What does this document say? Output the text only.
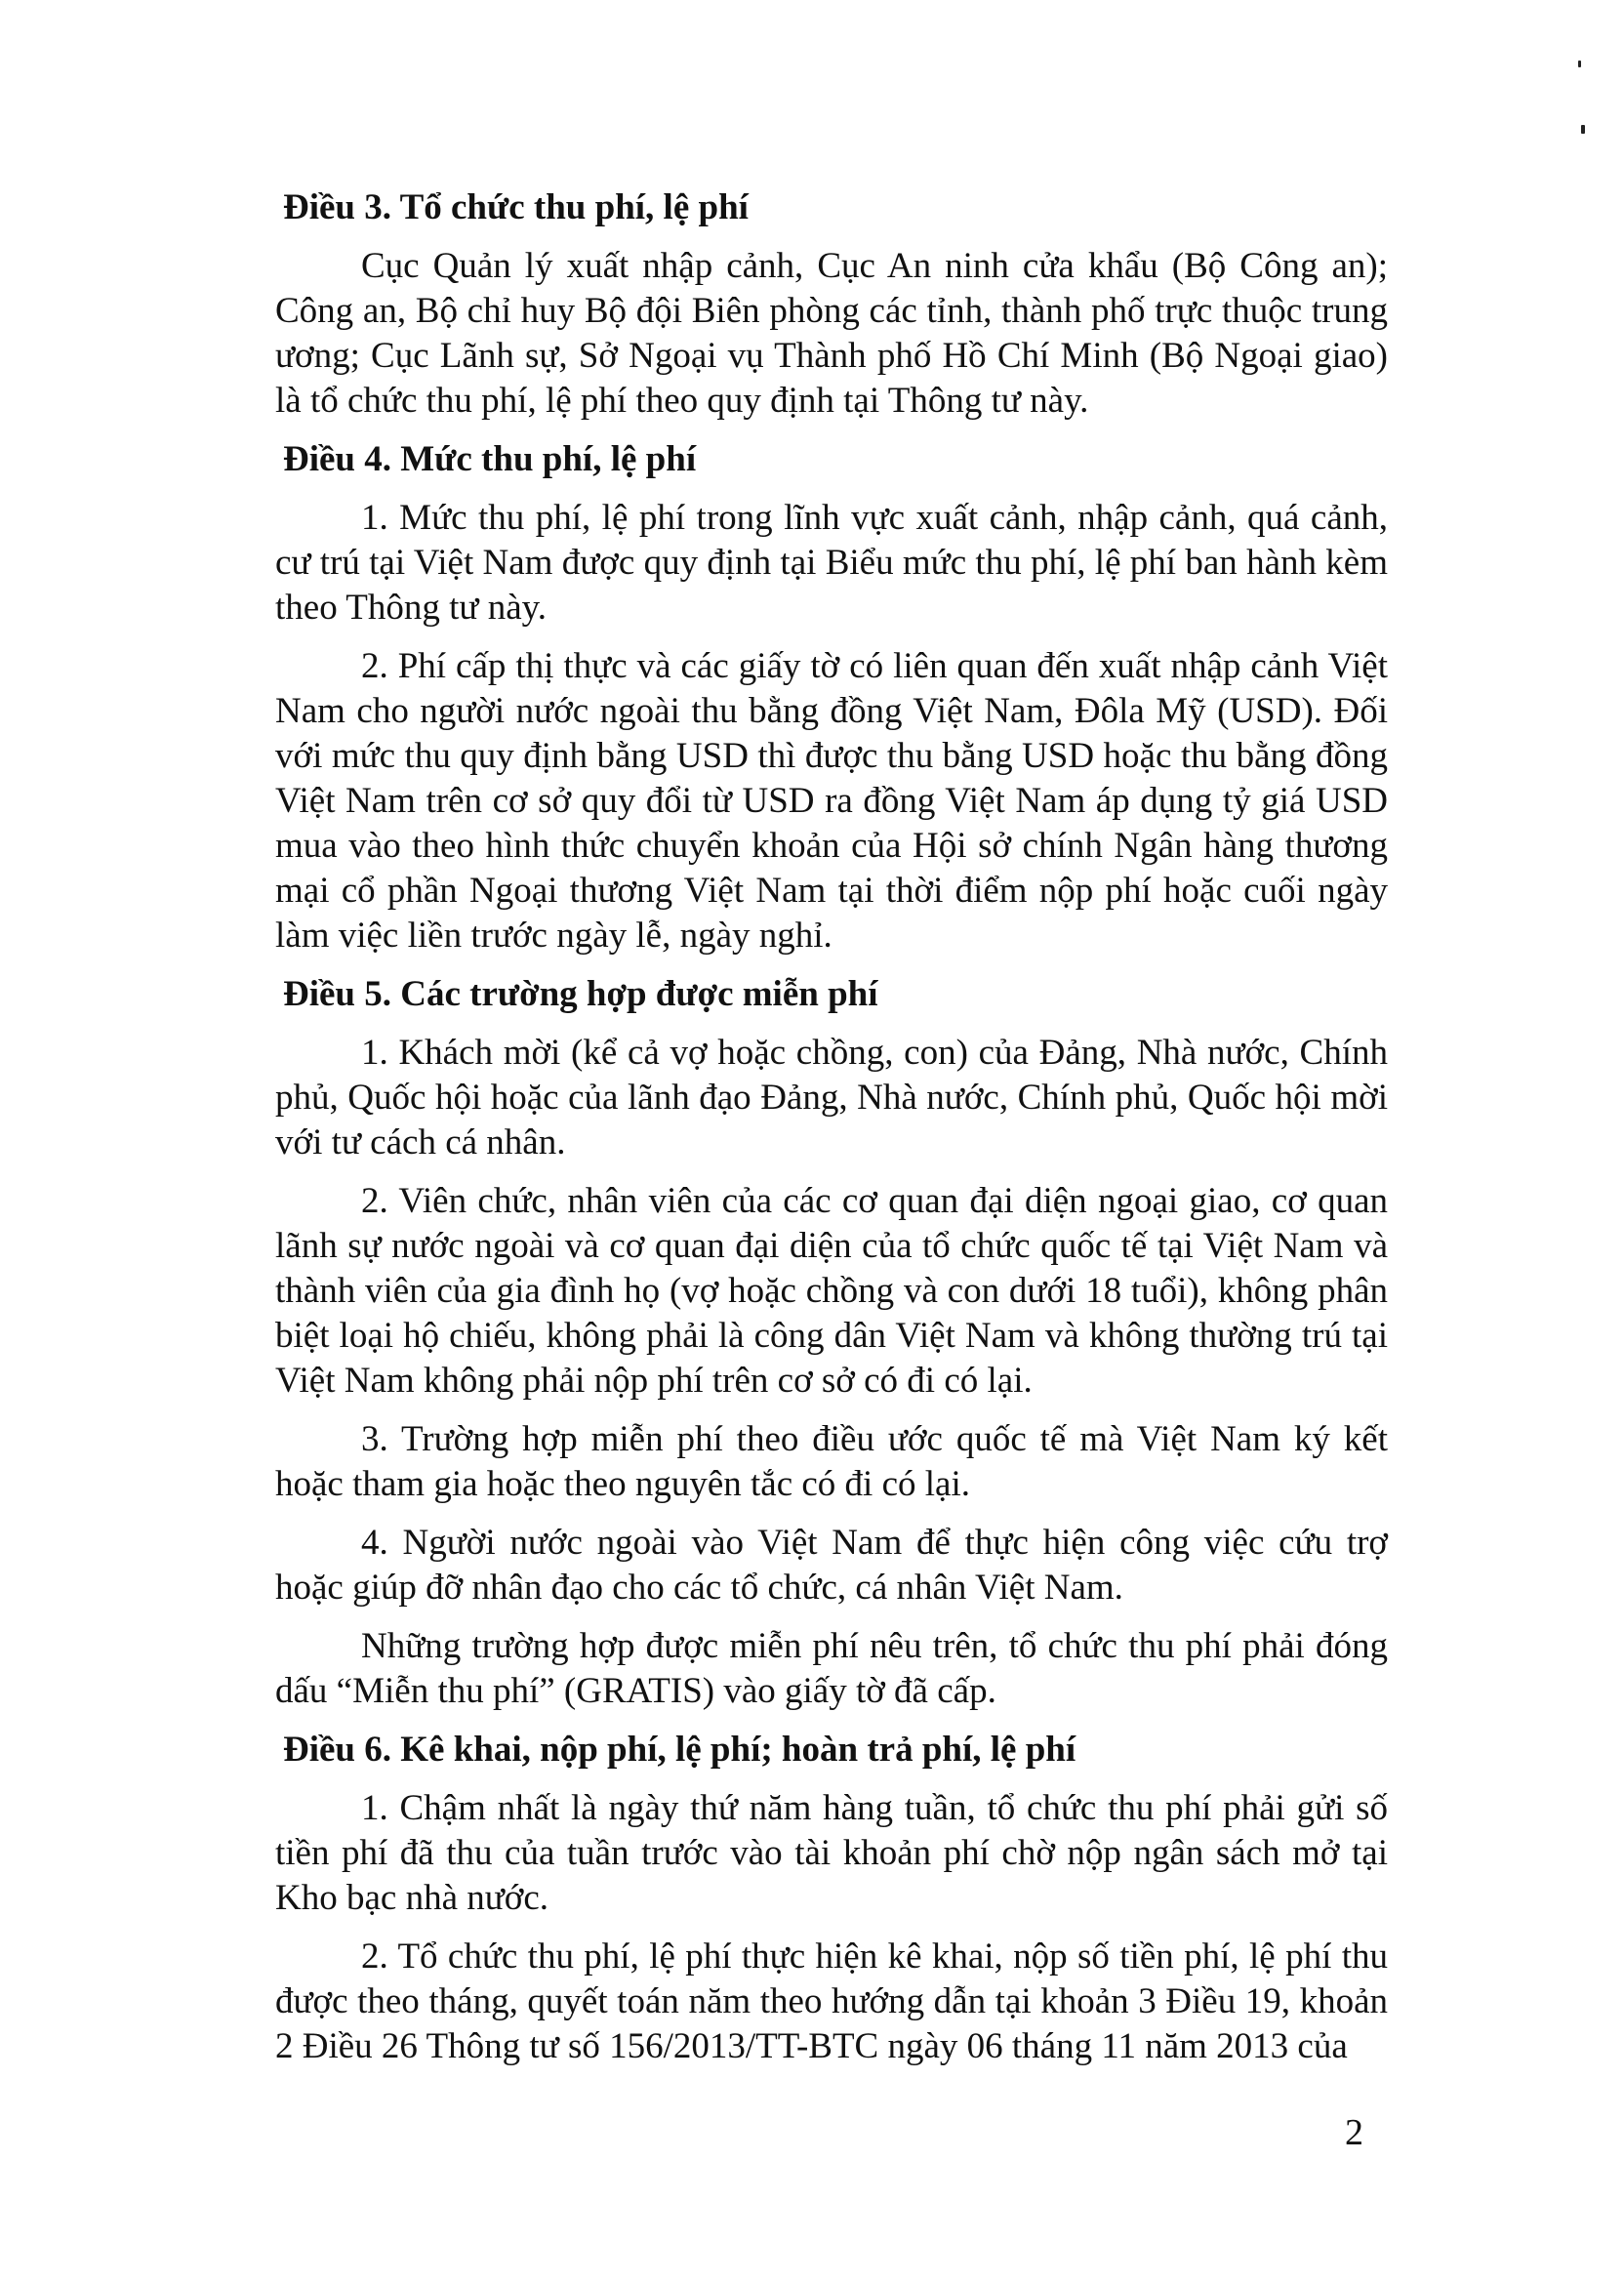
Điều 3. Tổ chức thu phí, lệ phí

Cục Quản lý xuất nhập cảnh, Cục An ninh cửa khẩu (Bộ Công an); Công an, Bộ chỉ huy Bộ đội Biên phòng các tỉnh, thành phố trực thuộc trung ương; Cục Lãnh sự, Sở Ngoại vụ Thành phố Hồ Chí Minh (Bộ Ngoại giao) là tổ chức thu phí, lệ phí theo quy định tại Thông tư này.

Điều 4. Mức thu phí, lệ phí

1. Mức thu phí, lệ phí trong lĩnh vực xuất cảnh, nhập cảnh, quá cảnh, cư trú tại Việt Nam được quy định tại Biểu mức thu phí, lệ phí ban hành kèm theo Thông tư này.

2. Phí cấp thị thực và các giấy tờ có liên quan đến xuất nhập cảnh Việt Nam cho người nước ngoài thu bằng đồng Việt Nam, Đôla Mỹ (USD). Đối với mức thu quy định bằng USD thì được thu bằng USD hoặc thu bằng đồng Việt Nam trên cơ sở quy đổi từ USD ra đồng Việt Nam áp dụng tỷ giá USD mua vào theo hình thức chuyển khoản của Hội sở chính Ngân hàng thương mại cổ phần Ngoại thương Việt Nam tại thời điểm nộp phí hoặc cuối ngày làm việc liền trước ngày lễ, ngày nghỉ.

Điều 5. Các trường hợp được miễn phí

1. Khách mời (kể cả vợ hoặc chồng, con) của Đảng, Nhà nước, Chính phủ, Quốc hội hoặc của lãnh đạo Đảng, Nhà nước, Chính phủ, Quốc hội mời với tư cách cá nhân.

2. Viên chức, nhân viên của các cơ quan đại diện ngoại giao, cơ quan lãnh sự nước ngoài và cơ quan đại diện của tổ chức quốc tế tại Việt Nam và thành viên của gia đình họ (vợ hoặc chồng và con dưới 18 tuổi), không phân biệt loại hộ chiếu, không phải là công dân Việt Nam và không thường trú tại Việt Nam không phải nộp phí trên cơ sở có đi có lại.

3. Trường hợp miễn phí theo điều ước quốc tế mà Việt Nam ký kết hoặc tham gia hoặc theo nguyên tắc có đi có lại.

4. Người nước ngoài vào Việt Nam để thực hiện công việc cứu trợ hoặc giúp đỡ nhân đạo cho các tổ chức, cá nhân Việt Nam.

Những trường hợp được miễn phí nêu trên, tổ chức thu phí phải đóng dấu “Miễn thu phí” (GRATIS) vào giấy tờ đã cấp.

Điều 6. Kê khai, nộp phí, lệ phí; hoàn trả phí, lệ phí

1. Chậm nhất là ngày thứ năm hàng tuần, tổ chức thu phí phải gửi số tiền phí đã thu của tuần trước vào tài khoản phí chờ nộp ngân sách mở tại Kho bạc nhà nước.

2. Tổ chức thu phí, lệ phí thực hiện kê khai, nộp số tiền phí, lệ phí thu được theo tháng, quyết toán năm theo hướng dẫn tại khoản 3 Điều 19, khoản 2 Điều 26 Thông tư số 156/2013/TT-BTC ngày 06 tháng 11 năm 2013 của

2
